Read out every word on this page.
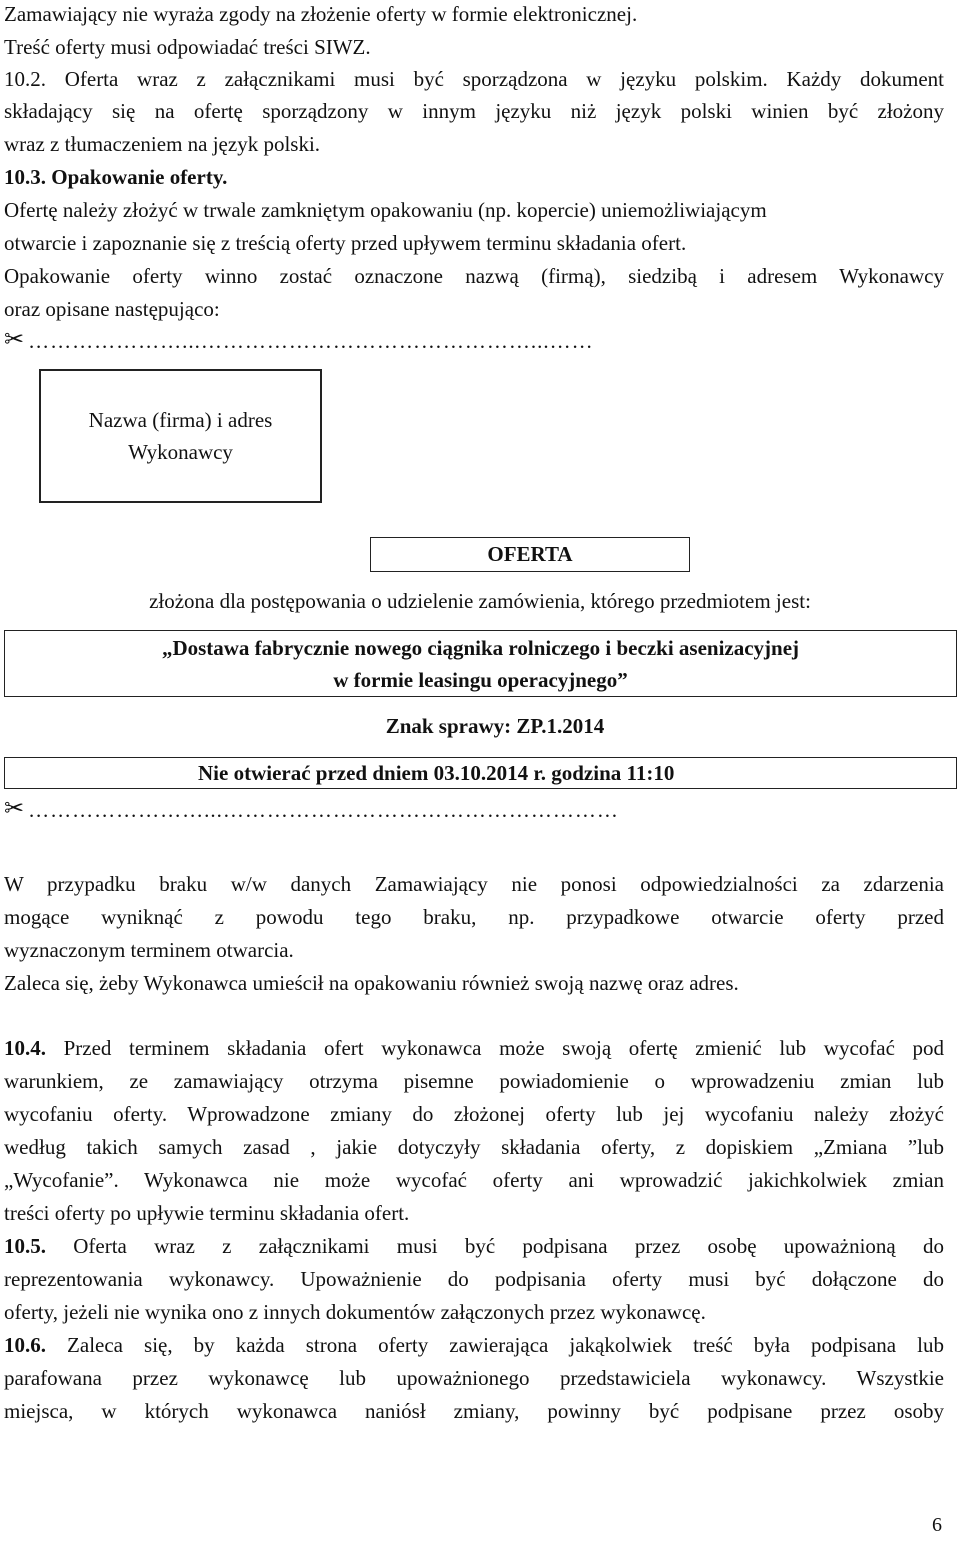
Zamawiający nie wyraża zgody na złożenie oferty w formie elektronicznej.
Treść oferty musi odpowiadać treści SIWZ.
10.2. Oferta wraz z załącznikami musi być sporządzona w języku polskim. Każdy dokument
składający się na ofertę sporządzony w innym języku niż język polski winien być złożony
wraz z tłumaczeniem na język polski.
10.3. Opakowanie oferty.
Ofertę należy złożyć w trwale zamkniętym opakowaniu (np. kopercie) uniemożliwiającym
otwarcie i zapoznanie się z treścią oferty przed upływem terminu składania ofert.
Opakowanie oferty winno zostać oznaczone nazwą (firmą), siedzibą i adresem Wykonawcy
oraz opisane następująco:
✂ …………………...………………………………………...……
Nazwa (firma) i adres
Wykonawcy
OFERTA
złożona dla postępowania o udzielenie zamówienia, którego przedmiotem jest:
„Dostawa fabrycznie nowego ciągnika rolniczego i beczki asenizacyjnej
w formie leasingu operacyjnego”
Znak sprawy: ZP.1.2014
Nie otwierać przed dniem 03.10.2014 r. godzina 11:10
✂ ……………………...………………………………………………
W przypadku braku w/w danych Zamawiający nie ponosi odpowiedzialności za zdarzenia
mogące wyniknąć z powodu tego braku, np. przypadkowe otwarcie oferty przed
wyznaczonym terminem otwarcia.
Zaleca się, żeby Wykonawca umieścił na opakowaniu również swoją nazwę oraz adres.
10.4. Przed terminem składania ofert wykonawca może swoją ofertę zmienić lub wycofać pod
warunkiem, ze zamawiający otrzyma pisemne powiadomienie o wprowadzeniu zmian lub
wycofaniu oferty. Wprowadzone zmiany do złożonej oferty lub jej wycofaniu należy złożyć
według takich samych zasad , jakie dotyczyły składania oferty, z dopiskiem „Zmiana ”lub
„Wycofanie”. Wykonawca nie może wycofać oferty ani wprowadzić jakichkolwiek zmian
treści oferty po upływie terminu składania ofert.
10.5. Oferta wraz z załącznikami musi być podpisana przez osobę upoważnioną do
reprezentowania wykonawcy. Upoważnienie do podpisania oferty musi być dołączone do
oferty, jeżeli nie wynika ono z innych dokumentów załączonych przez wykonawcę.
10.6. Zaleca się, by każda strona oferty zawierająca jakąkolwiek treść była podpisana lub
parafowana przez wykonawcę lub upoważnionego przedstawiciela wykonawcy. Wszystkie
miejsca, w których wykonawca naniósł zmiany, powinny być podpisane przez osoby
6
